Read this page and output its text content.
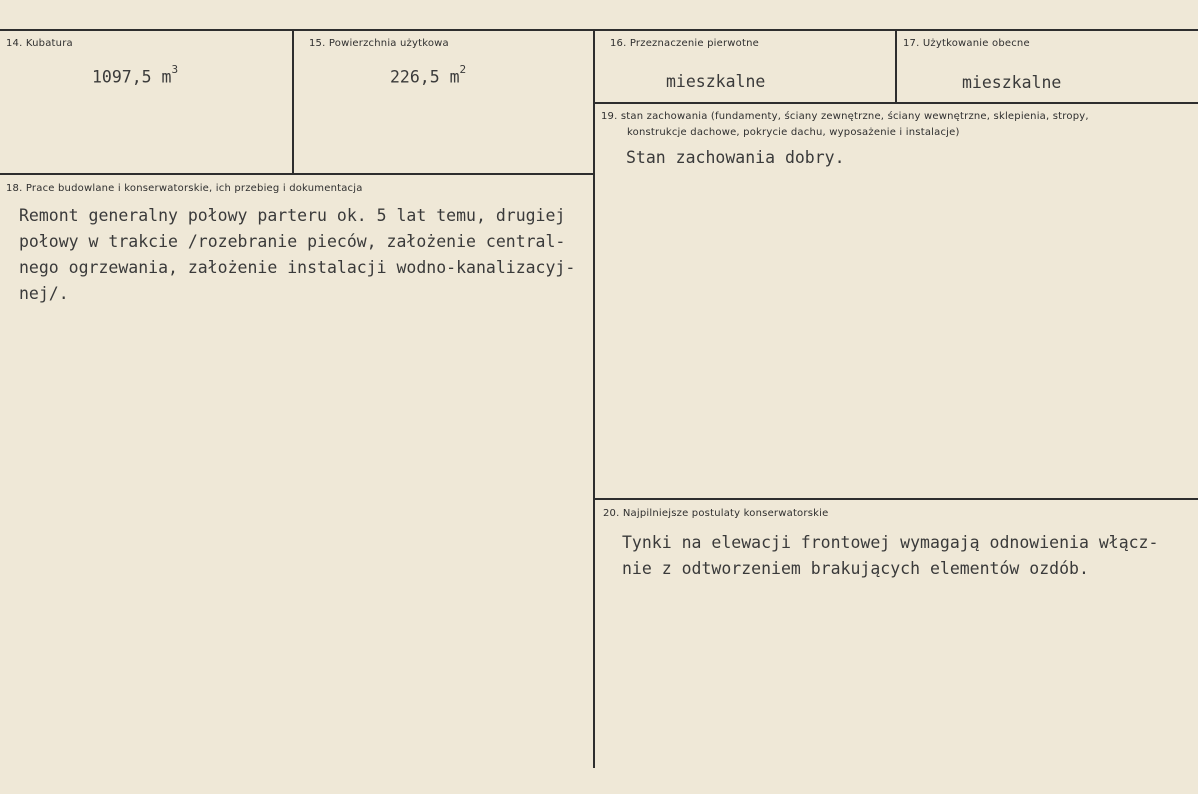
14. Kubatura
1097,5 $m^3$
15. Powierzchnia użytkowa
226,5 $m^2$
16. Przeznaczenie pierwotne
mieszkalne
17. Użytkowanie obecne
mieszkalne
18. Prace budowlane i konserwatorskie, ich przebieg i dokumentacja
Remont generalny połowy parteru ok. 5 lat temu, drugiej
połowy w trakcie /rozebranie pieców, założenie central-
nego ogrzewania, założenie instalacji wodno-kanalizacyj-
nej/.
19. stan zachowania (fundamenty, ściany zewnętrzne, ściany wewnętrzne, sklepienia, stropy,
konstrukcje dachowe, pokrycie dachu, wyposażenie i instalacje)
Stan zachowania dobry.
20. Najpilniejsze postulaty konserwatorskie
Tynki na elewacji frontowej wymagają odnowienia włącz-
nie z odtworzeniem brakujących elementów ozdób.
